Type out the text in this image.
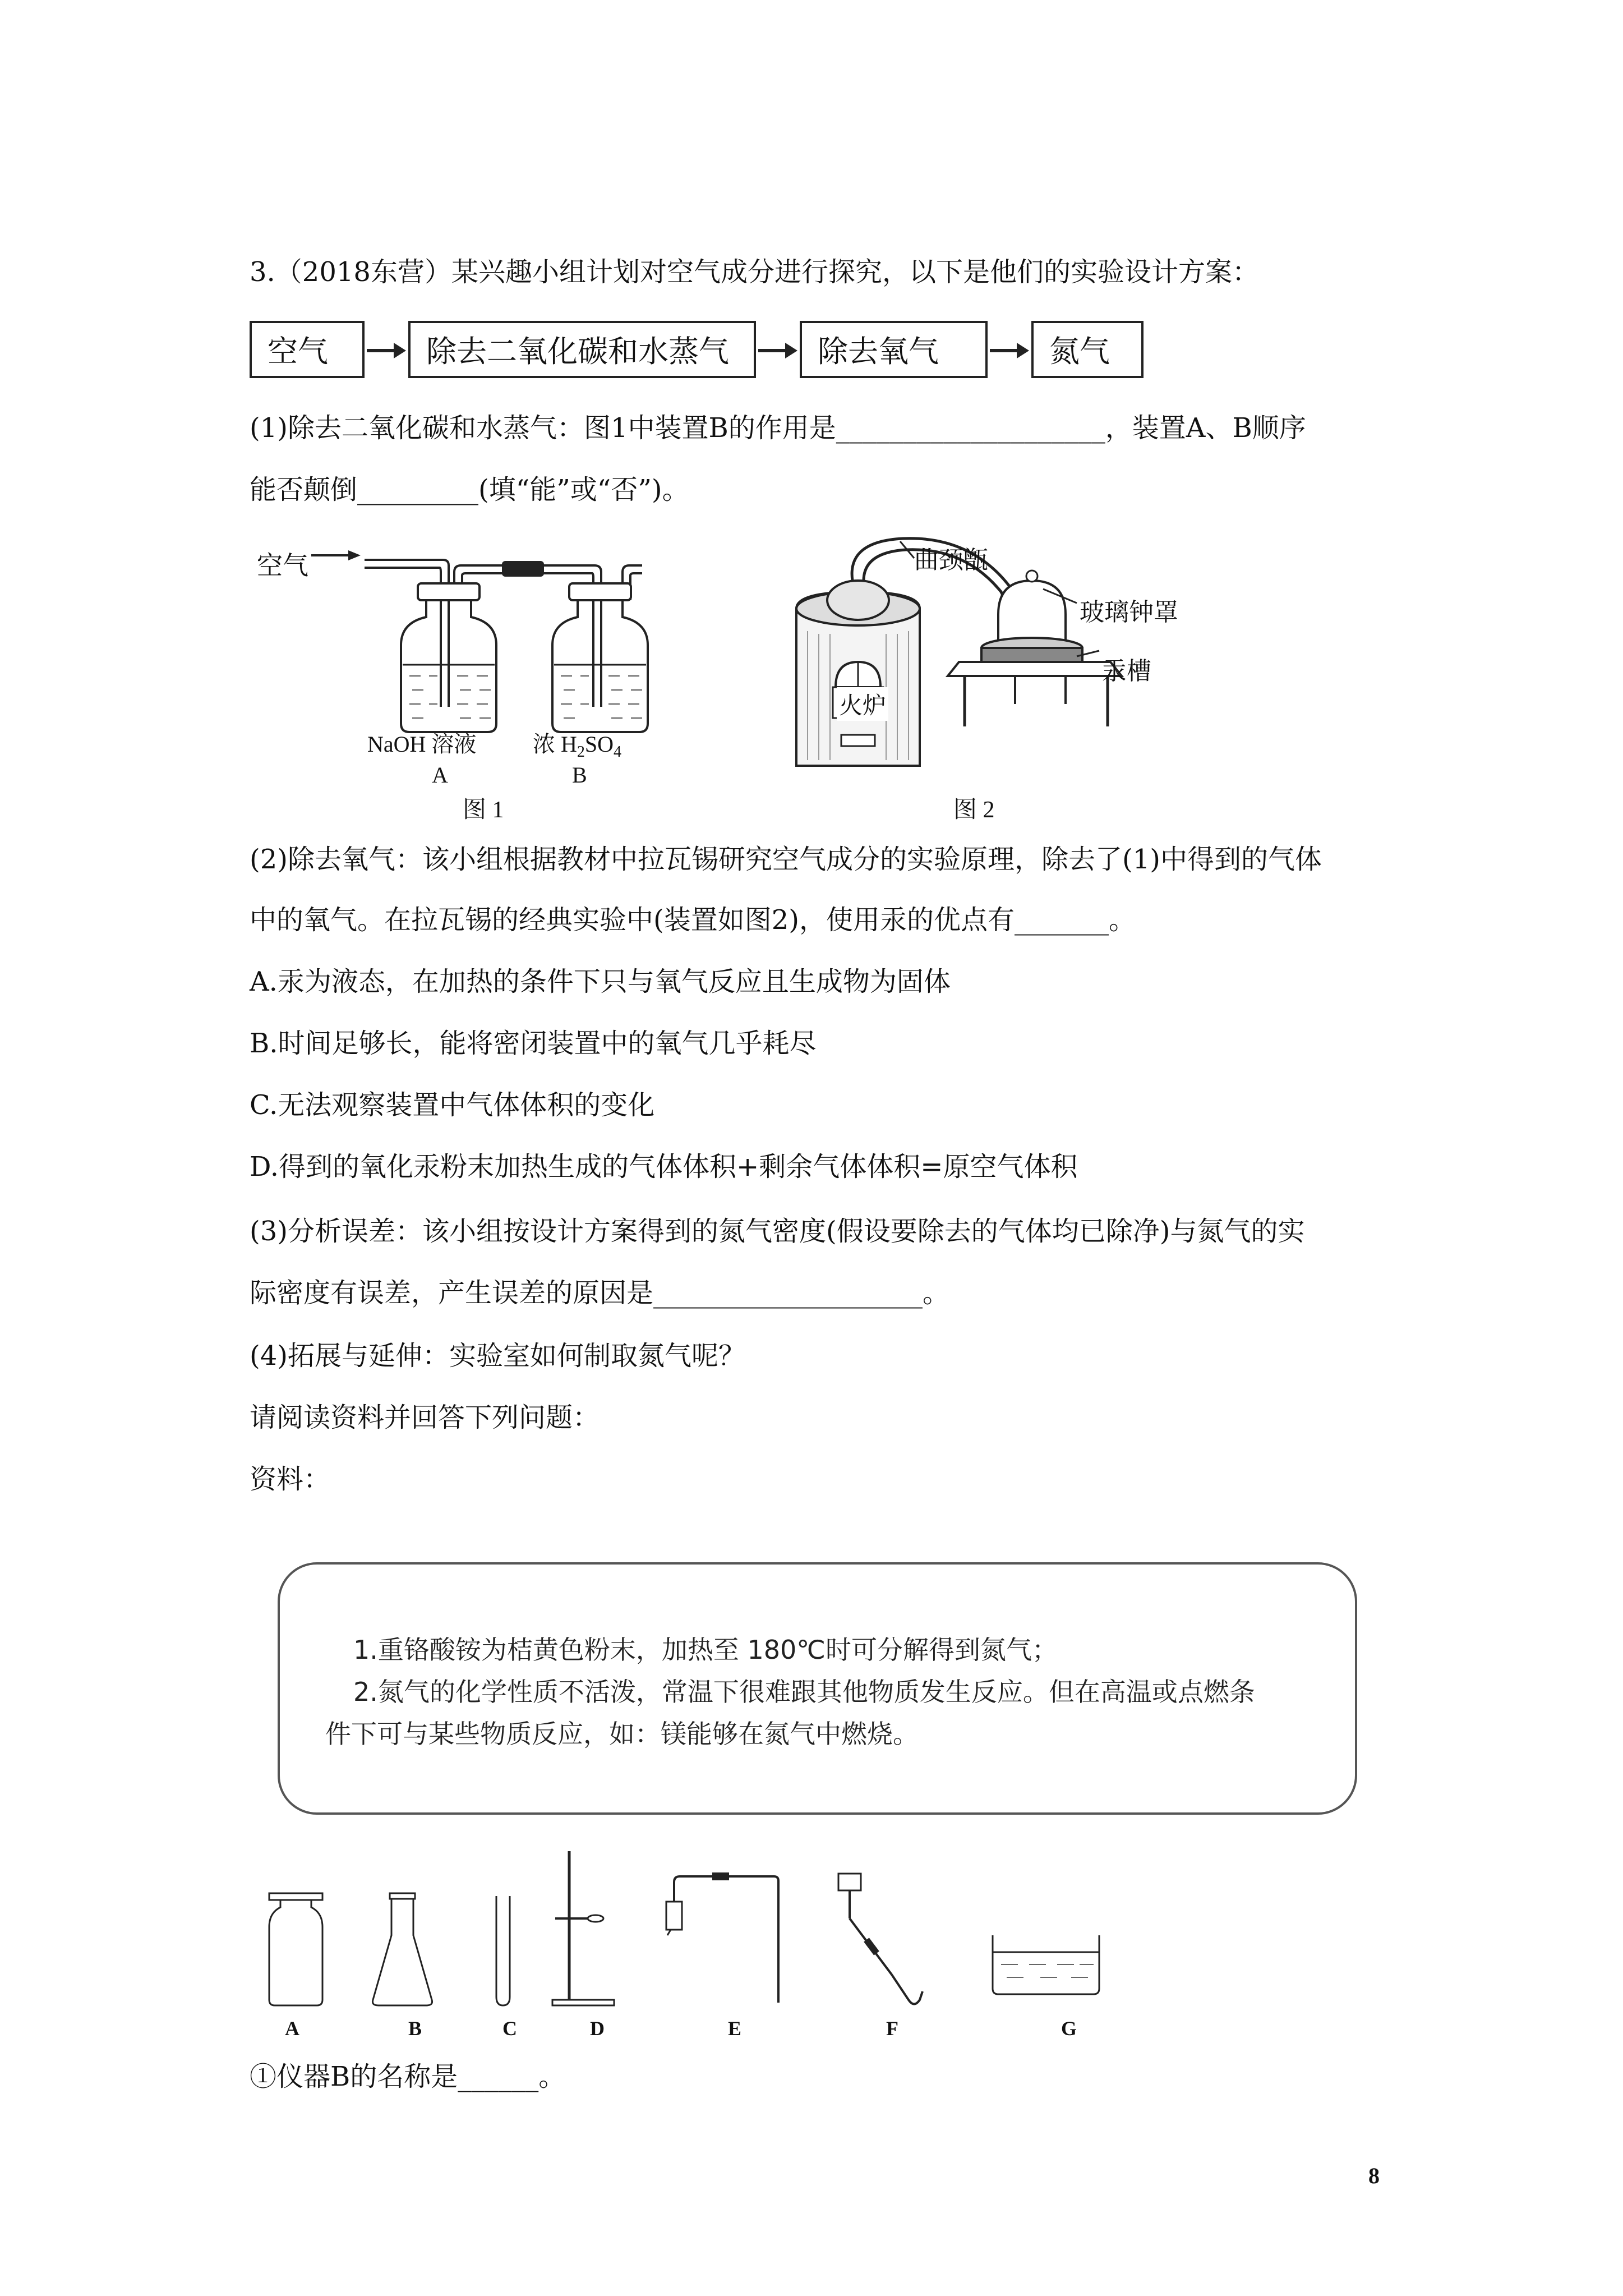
3.（2018东营）某兴趣小组计划对空气成分进行探究，以下是他们的实验设计方案：
空气	除去二氧化碳和水蒸气	除去氧气	氮气
(1)除去二氧化碳和水蒸气：图1中装置B的作用是____________________，装置A、B顺序
能否颠倒_________(填“能”或“否”)。
空气
NaOH 溶液	浓 $H_2SO_4$
A	B
图 1
曲颈甑
玻璃钟罩
汞槽
火炉
图 2
(2)除去氧气：该小组根据教材中拉瓦锡研究空气成分的实验原理，除去了(1)中得到的气体
中的氧气。在拉瓦锡的经典实验中(装置如图2)，使用汞的优点有_______。
A.汞为液态，在加热的条件下只与氧气反应且生成物为固体
B.时间足够长，能将密闭装置中的氧气几乎耗尽
C.无法观察装置中气体体积的变化
D.得到的氧化汞粉末加热生成的气体体积+剩余气体体积=原空气体积
(3)分析误差：该小组按设计方案得到的氮气密度(假设要除去的气体均已除净)与氮气的实
际密度有误差，产生误差的原因是____________________。
(4)拓展与延伸：实验室如何制取氮气呢？
请阅读资料并回答下列问题：
资料：
1.重铬酸铵为桔黄色粉末，加热至 180℃时可分解得到氮气；
2.氮气的化学性质不活泼，常温下很难跟其他物质发生反应。但在高温或点燃条
件下可与某些物质反应，如：镁能够在氮气中燃烧。
A	B	C	D	E	F	G
①仪器B的名称是______。
8
